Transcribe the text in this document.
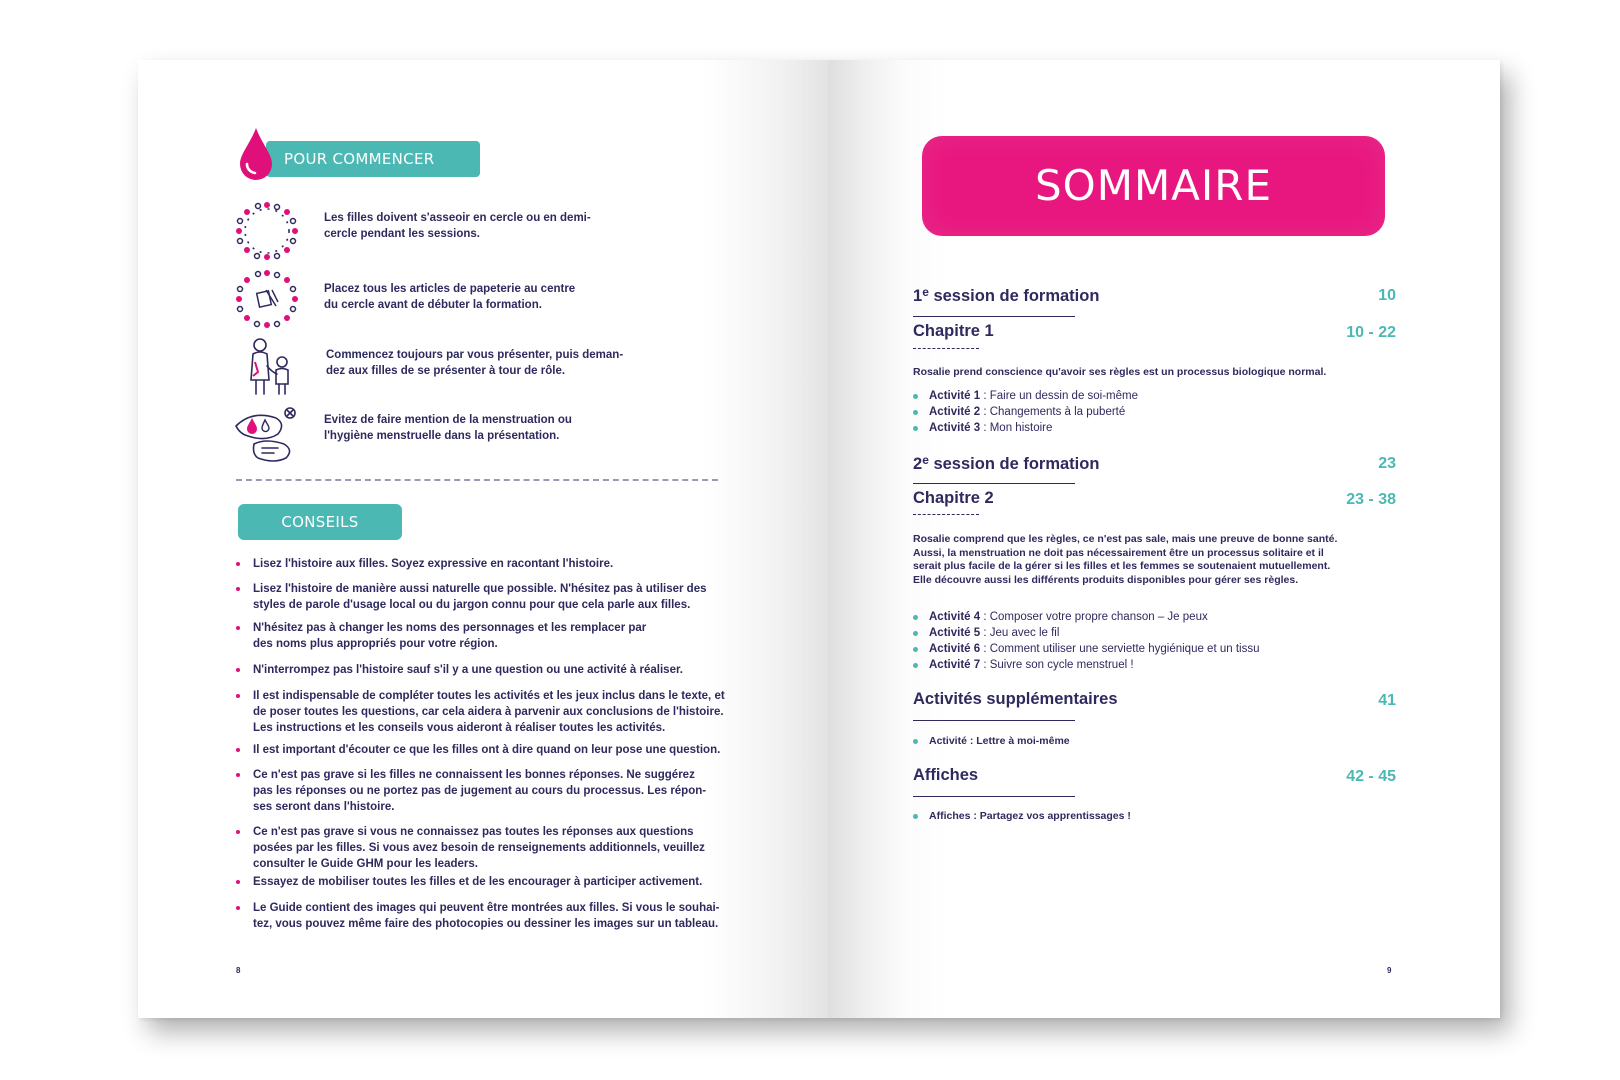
POUR COMMENCER
Les filles doivent s'asseoir en cercle ou en demi-
cercle pendant les sessions.
Placez tous les articles de papeterie au centre
du cercle avant de débuter la formation.
Commencez toujours par vous présenter, puis deman-
dez aux filles de se présenter à tour de rôle.
Evitez de faire mention de la menstruation ou
l'hygiène menstruelle dans la présentation.
CONSEILS
Lisez l'histoire aux filles. Soyez expressive en racontant l'histoire.
Lisez l'histoire de manière aussi naturelle que possible. N'hésitez pas à utiliser des
styles de parole d'usage local ou du jargon connu pour que cela parle aux filles.
N'hésitez pas à changer les noms des personnages et les remplacer par
des noms plus appropriés pour votre région.
N'interrompez pas l'histoire sauf s'il y a une question ou une activité à réaliser.
Il est indispensable de compléter toutes les activités et les jeux inclus dans le texte, et
de poser toutes les questions, car cela aidera à parvenir aux conclusions de l'histoire.
Les instructions et les conseils vous aideront à réaliser toutes les activités.
Il est important d'écouter ce que les filles ont à dire quand on leur pose une question.
Ce n'est pas grave si les filles ne connaissent les bonnes réponses. Ne suggérez
pas les réponses ou ne portez pas de jugement au cours du processus. Les répon-
ses seront dans l'histoire.
Ce n'est pas grave si vous ne connaissez pas toutes les réponses aux questions
posées par les filles. Si vous avez besoin de renseignements additionnels, veuillez
consulter le Guide GHM pour les leaders.
Essayez de mobiliser toutes les filles et de les encourager à participer activement.
Le Guide contient des images qui peuvent être montrées aux filles. Si vous le souhai-
tez, vous pouvez même faire des photocopies ou dessiner les images sur un tableau.
8
SOMMAIRE
1e session de formation	10
Chapitre 1	10 - 22
Rosalie prend conscience qu'avoir ses règles est un processus biologique normal.
Activité 1 : Faire un dessin de soi-même
Activité 2 : Changements à la puberté
Activité 3 : Mon histoire
2e session de formation	23
Chapitre 2	23 - 38
Rosalie comprend que les règles, ce n'est pas sale, mais une preuve de bonne santé.
Aussi, la menstruation ne doit pas nécessairement être un processus solitaire et il
serait plus facile de la gérer si les filles et les femmes se soutenaient mutuellement.
Elle découvre aussi les différents produits disponibles pour gérer ses règles.
Activité 4 : Composer votre propre chanson – Je peux
Activité 5 : Jeu avec le fil
Activité 6 : Comment utiliser une serviette hygiénique et un tissu
Activité 7 : Suivre son cycle menstruel !
Activités supplémentaires	41
Activité : Lettre à moi-même
Affiches	42 - 45
Affiches : Partagez vos apprentissages !
9
